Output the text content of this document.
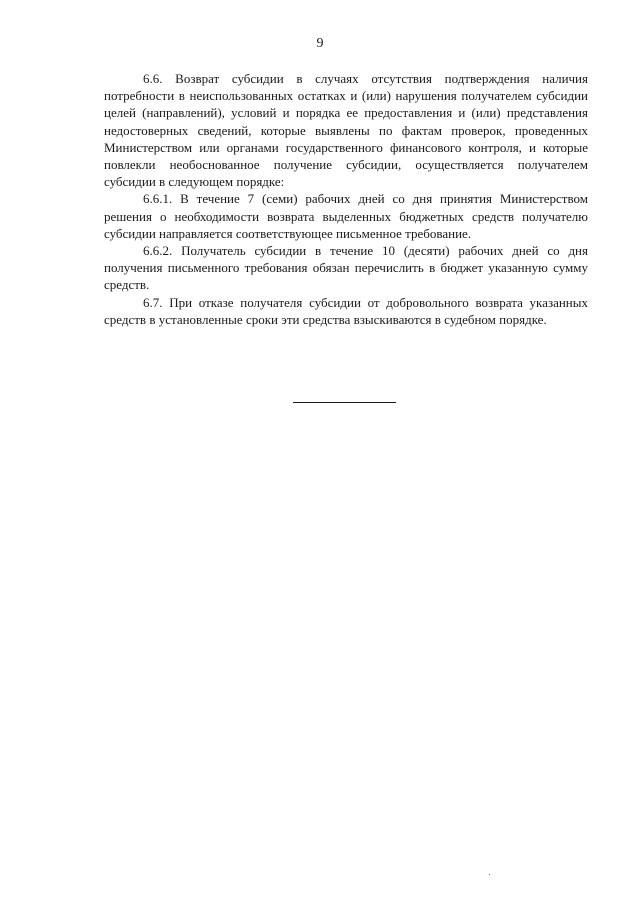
9

6.6. Возврат субсидии в случаях отсутствия подтверждения наличия потребности в неиспользованных остатках и (или) нарушения получателем субсидии целей (направлений), условий и порядка ее предоставления и (или) представления недостоверных сведений, которые выявлены по фактам проверок, проведенных Министерством или органами государственного финансового контроля, и которые повлекли необоснованное получение субсидии, осуществляется получателем субсидии в следующем порядке:

6.6.1. В течение 7 (семи) рабочих дней со дня принятия Министерством решения о необходимости возврата выделенных бюджетных средств получателю субсидии направляется соответствующее письменное требование.

6.6.2. Получатель субсидии в течение 10 (десяти) рабочих дней со дня получения письменного требования обязан перечислить в бюджет указанную сумму средств.

6.7. При отказе получателя субсидии от добровольного возврата указанных средств в установленные сроки эти средства взыскиваются в судебном порядке.
